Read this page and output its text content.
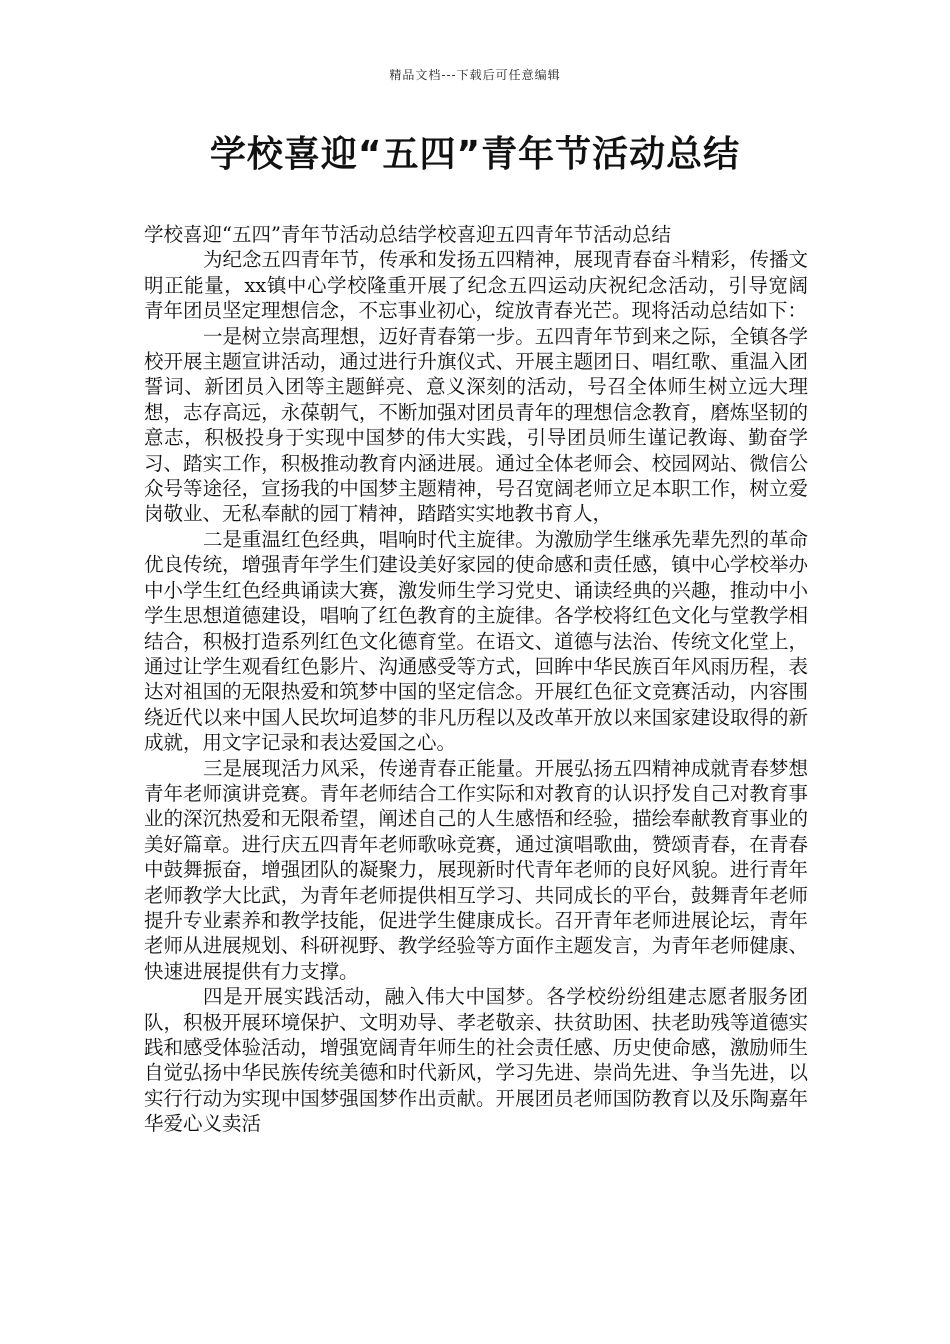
精品文档---下载后可任意编辑
学校喜迎“五四”青年节活动总结

学校喜迎“五四”青年节活动总结学校喜迎五四青年节活动总结

为纪念五四青年节，传承和发扬五四精神，展现青春奋斗精彩，传播文明正能量，xx镇中心学校隆重开展了纪念五四运动庆祝纪念活动，引导宽阔青年团员坚定理想信念，不忘事业初心，绽放青春光芒。现将活动总结如下：

一是树立崇高理想，迈好青春第一步。五四青年节到来之际，全镇各学校开展主题宣讲活动，通过进行升旗仪式、开展主题团日、唱红歌、重温入团誓词、新团员入团等主题鲜亮、意义深刻的活动，号召全体师生树立远大理想，志存高远，永葆朝气，不断加强对团员青年的理想信念教育，磨炼坚韧的意志，积极投身于实现中国梦的伟大实践，引导团员师生谨记教诲、勤奋学习、踏实工作，积极推动教育内涵进展。通过全体老师会、校园网站、微信公众号等途径，宣扬我的中国梦主题精神，号召宽阔老师立足本职工作，树立爱岗敬业、无私奉献的园丁精神，踏踏实实地教书育人，

二是重温红色经典，唱响时代主旋律。为激励学生继承先辈先烈的革命优良传统，增强青年学生们建设美好家园的使命感和责任感，镇中心学校举办中小学生红色经典诵读大赛，激发师生学习党史、诵读经典的兴趣，推动中小学生思想道德建设，唱响了红色教育的主旋律。各学校将红色文化与堂教学相结合，积极打造系列红色文化德育堂。在语文、道德与法治、传统文化堂上，通过让学生观看红色影片、沟通感受等方式，回眸中华民族百年风雨历程，表达对祖国的无限热爱和筑梦中国的坚定信念。开展红色征文竞赛活动，内容围绕近代以来中国人民坎坷追梦的非凡历程以及改革开放以来国家建设取得的新成就，用文字记录和表达爱国之心。

三是展现活力风采，传递青春正能量。开展弘扬五四精神成就青春梦想青年老师演讲竞赛。青年老师结合工作实际和对教育的认识抒发自己对教育事业的深沉热爱和无限希望，阐述自己的人生感悟和经验，描绘奉献教育事业的美好篇章。进行庆五四青年老师歌咏竞赛，通过演唱歌曲，赞颂青春，在青春中鼓舞振奋，增强团队的凝聚力，展现新时代青年老师的良好风貌。进行青年老师教学大比武，为青年老师提供相互学习、共同成长的平台，鼓舞青年老师提升专业素养和教学技能，促进学生健康成长。召开青年老师进展论坛，青年老师从进展规划、科研视野、教学经验等方面作主题发言，为青年老师健康、快速进展提供有力支撑。

四是开展实践活动，融入伟大中国梦。各学校纷纷组建志愿者服务团队，积极开展环境保护、文明劝导、孝老敬亲、扶贫助困、扶老助残等道德实践和感受体验活动，增强宽阔青年师生的社会责任感、历史使命感，激励师生自觉弘扬中华民族传统美德和时代新风，学习先进、崇尚先进、争当先进，以实行行动为实现中国梦强国梦作出贡献。开展团员老师国防教育以及乐陶嘉年华爱心义卖活
